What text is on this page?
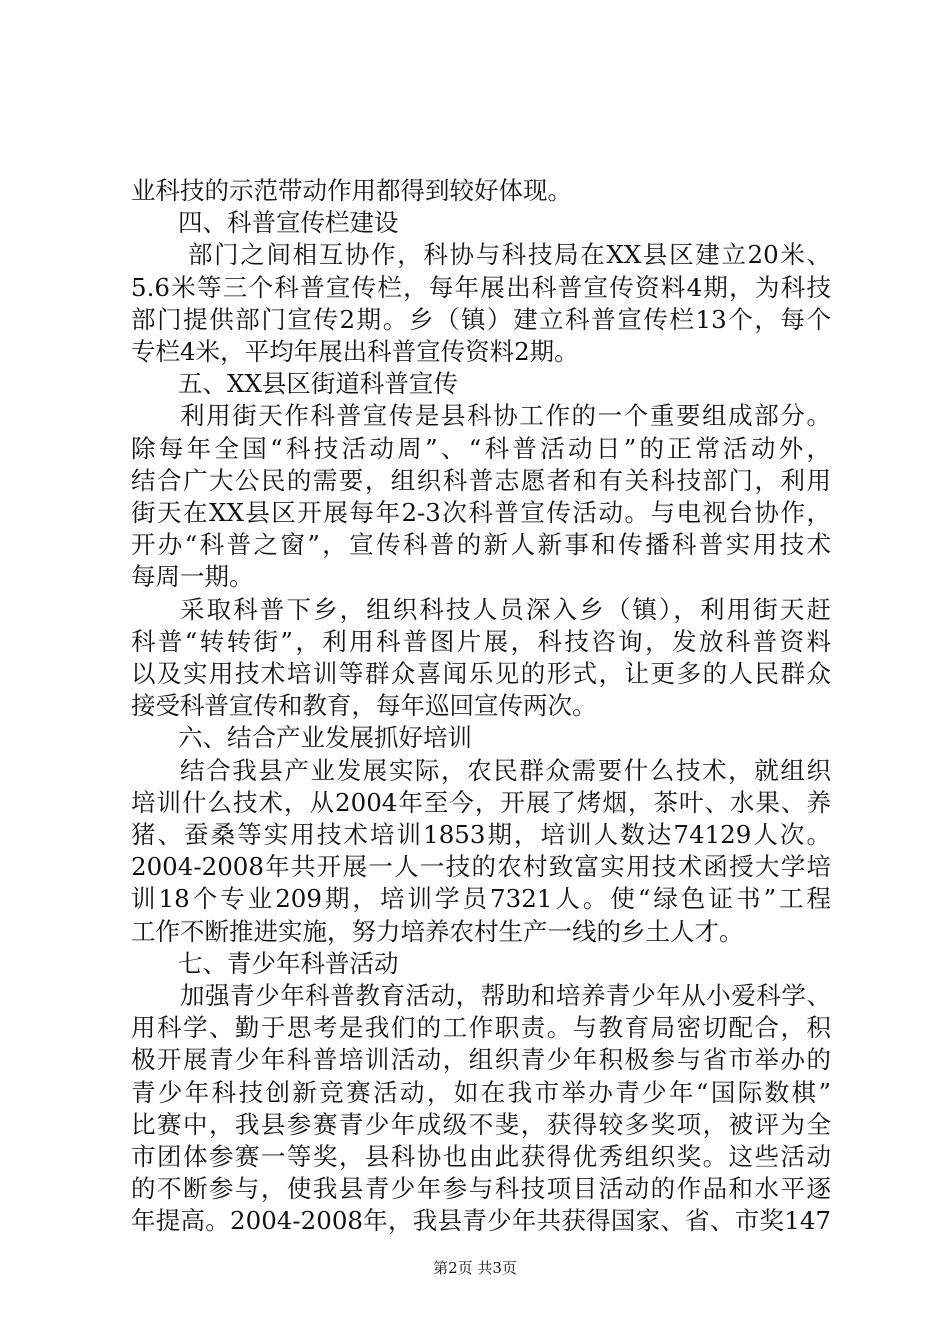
业科技的示范带动作用都得到较好体现。
四、科普宣传栏建设
部门之间相互协作，科协与科技局在XX县区建立20米、
5.6米等三个科普宣传栏，每年展出科普宣传资料4期，为科技
部门提供部门宣传2期。乡（镇）建立科普宣传栏13个，每个
专栏4米，平均年展出科普宣传资料2期。
五、XX县区街道科普宣传
利用街天作科普宣传是县科协工作的一个重要组成部分。
除每年全国“科技活动周”、“科普活动日”的正常活动外，
结合广大公民的需要，组织科普志愿者和有关科技部门，利用
街天在XX县区开展每年2-3次科普宣传活动。与电视台协作，
开办“科普之窗”，宣传科普的新人新事和传播科普实用技术
每周一期。
采取科普下乡，组织科技人员深入乡（镇），利用街天赶
科普“转转街”，利用科普图片展，科技咨询，发放科普资料
以及实用技术培训等群众喜闻乐见的形式，让更多的人民群众
接受科普宣传和教育，每年巡回宣传两次。
六、结合产业发展抓好培训
结合我县产业发展实际，农民群众需要什么技术，就组织
培训什么技术，从2004年至今，开展了烤烟，茶叶、水果、养
猪、蚕桑等实用技术培训1853期，培训人数达74129人次。
2004-2008年共开展一人一技的农村致富实用技术函授大学培
训18个专业209期，培训学员7321人。使“绿色证书”工程
工作不断推进实施，努力培养农村生产一线的乡土人才。
七、青少年科普活动
加强青少年科普教育活动，帮助和培养青少年从小爱科学、
用科学、勤于思考是我们的工作职责。与教育局密切配合，积
极开展青少年科普培训活动，组织青少年积极参与省市举办的
青少年科技创新竞赛活动，如在我市举办青少年“国际数棋”
比赛中，我县参赛青少年成级不斐，获得较多奖项，被评为全
市团体参赛一等奖，县科协也由此获得优秀组织奖。这些活动
的不断参与，使我县青少年参与科技项目活动的作品和水平逐
年提高。2004-2008年，我县青少年共获得国家、省、市奖147
第2页 共3页
